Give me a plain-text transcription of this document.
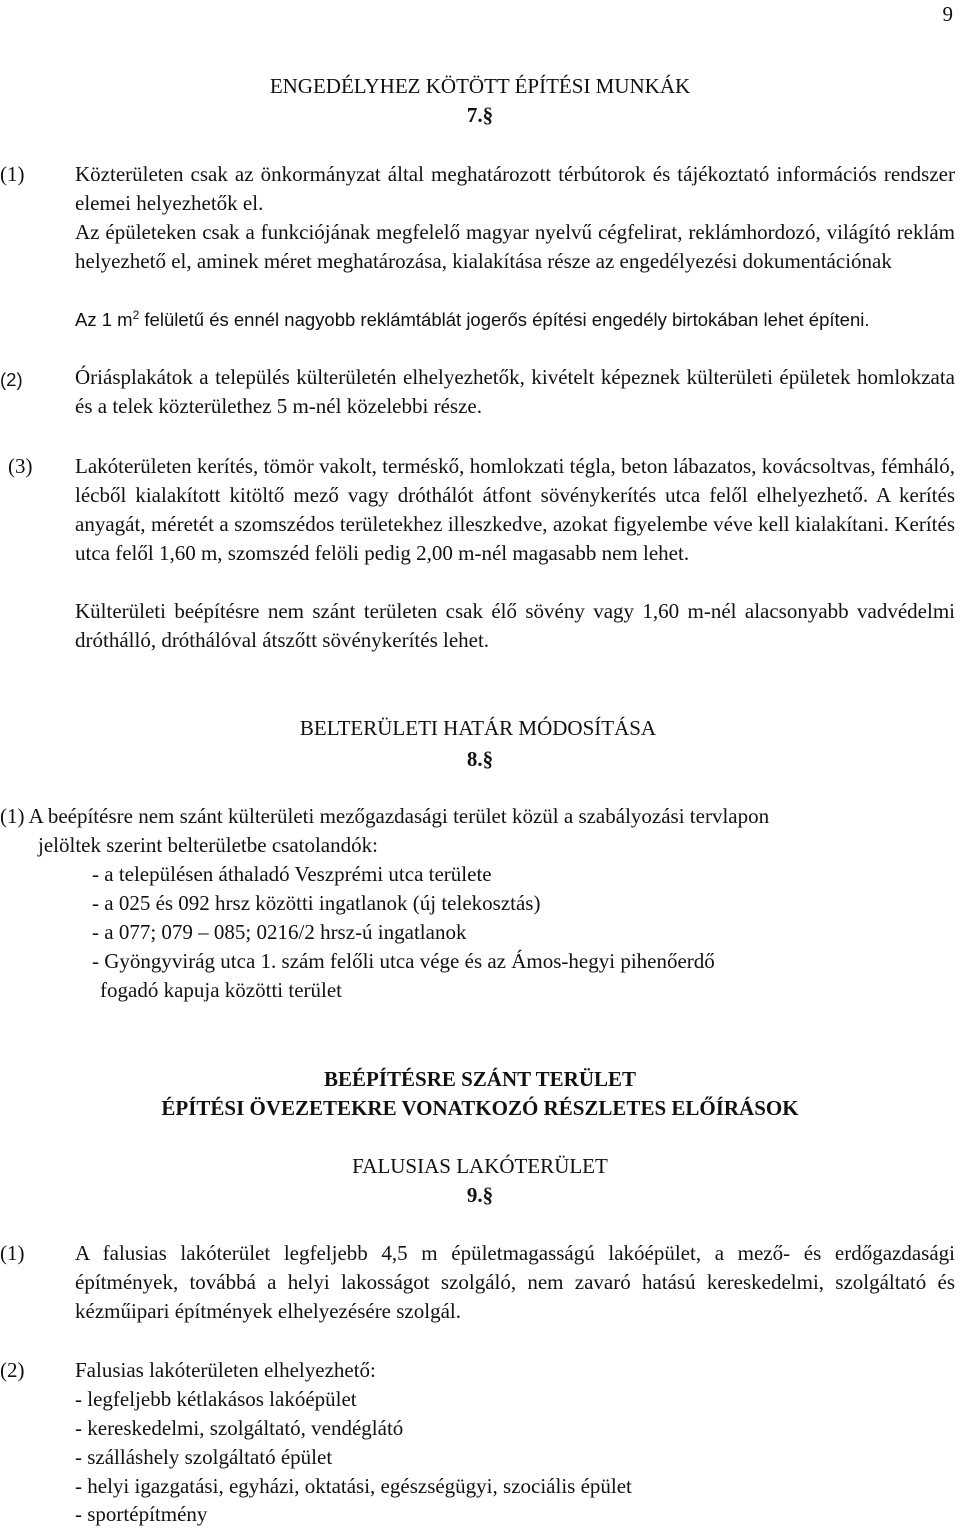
9
ENGEDÉLYHEZ KÖTÖTT ÉPÍTÉSI MUNKÁK
7.§
(1) Közterületen csak az önkormányzat által meghatározott térbútorok és tájékoztató információs rendszer elemei helyezhetők el.
Az épületeken csak a funkciójának megfelelő magyar nyelvű cégfelirat, reklámhordozó, világító reklám helyezhető el, aminek méret meghatározása, kialakítása része az engedélyezési dokumentációnak
Az 1 $m^2$ felületű és ennél nagyobb reklámtáblát jogerős építési engedély birtokában lehet építeni.
(2) Óriásplakátok a település külterületén elhelyezhetők, kivételt képeznek külterületi épületek homlokzata és a telek közterülethez 5 m-nél közelebbi része.
(3) Lakóterületen kerítés, tömör vakolt, terméskő, homlokzati tégla, beton lábazatos, kovácsoltvas, fémháló, lécből kialakított kitöltő mező vagy dróthálót átfont sövénykerítés utca felől elhelyezhető. A kerítés anyagát, méretét a szomszédos területekhez illeszkedve, azokat figyelembe véve kell kialakítani. Kerítés utca felől 1,60 m, szomszéd felöli pedig 2,00 m-nél magasabb nem lehet.
Külterületi beépítésre nem szánt területen csak élő sövény vagy 1,60 m-nél alacsonyabb vadvédelmi dróthálló, dróthálóval átszőtt sövénykerítés lehet.
BELTERÜLETI HATÁR MÓDOSÍTÁSA
8.§
(1) A beépítésre nem szánt külterületi mezőgazdasági terület közül a szabályozási tervlapon
jelöltek szerint belterületbe csatolandók:
- a településen áthaladó Veszprémi utca területe
- a 025 és 092 hrsz közötti ingatlanok (új telekosztás)
- a 077; 079 – 085; 0216/2 hrsz-ú ingatlanok
- Gyöngyvirág utca 1. szám felőli utca vége és az Ámos-hegyi pihenőerdő
fogadó kapuja közötti terület
BEÉPÍTÉSRE SZÁNT TERÜLET
ÉPÍTÉSI ÖVEZETEKRE VONATKOZÓ RÉSZLETES ELŐÍRÁSOK
FALUSIAS LAKÓTERÜLET
9.§
(1) A falusias lakóterület legfeljebb 4,5 m épületmagasságú lakóépület, a mező- és erdőgazdasági építmények, továbbá a helyi lakosságot szolgáló, nem zavaró hatású kereskedelmi, szolgáltató és kézműipari építmények elhelyezésére szolgál.
(2) Falusias lakóterületen elhelyezhető:
- legfeljebb kétlakásos lakóépület
- kereskedelmi, szolgáltató, vendéglátó
- szálláshely szolgáltató épület
- helyi igazgatási, egyházi, oktatási, egészségügyi, szociális épület
- sportépítmény
